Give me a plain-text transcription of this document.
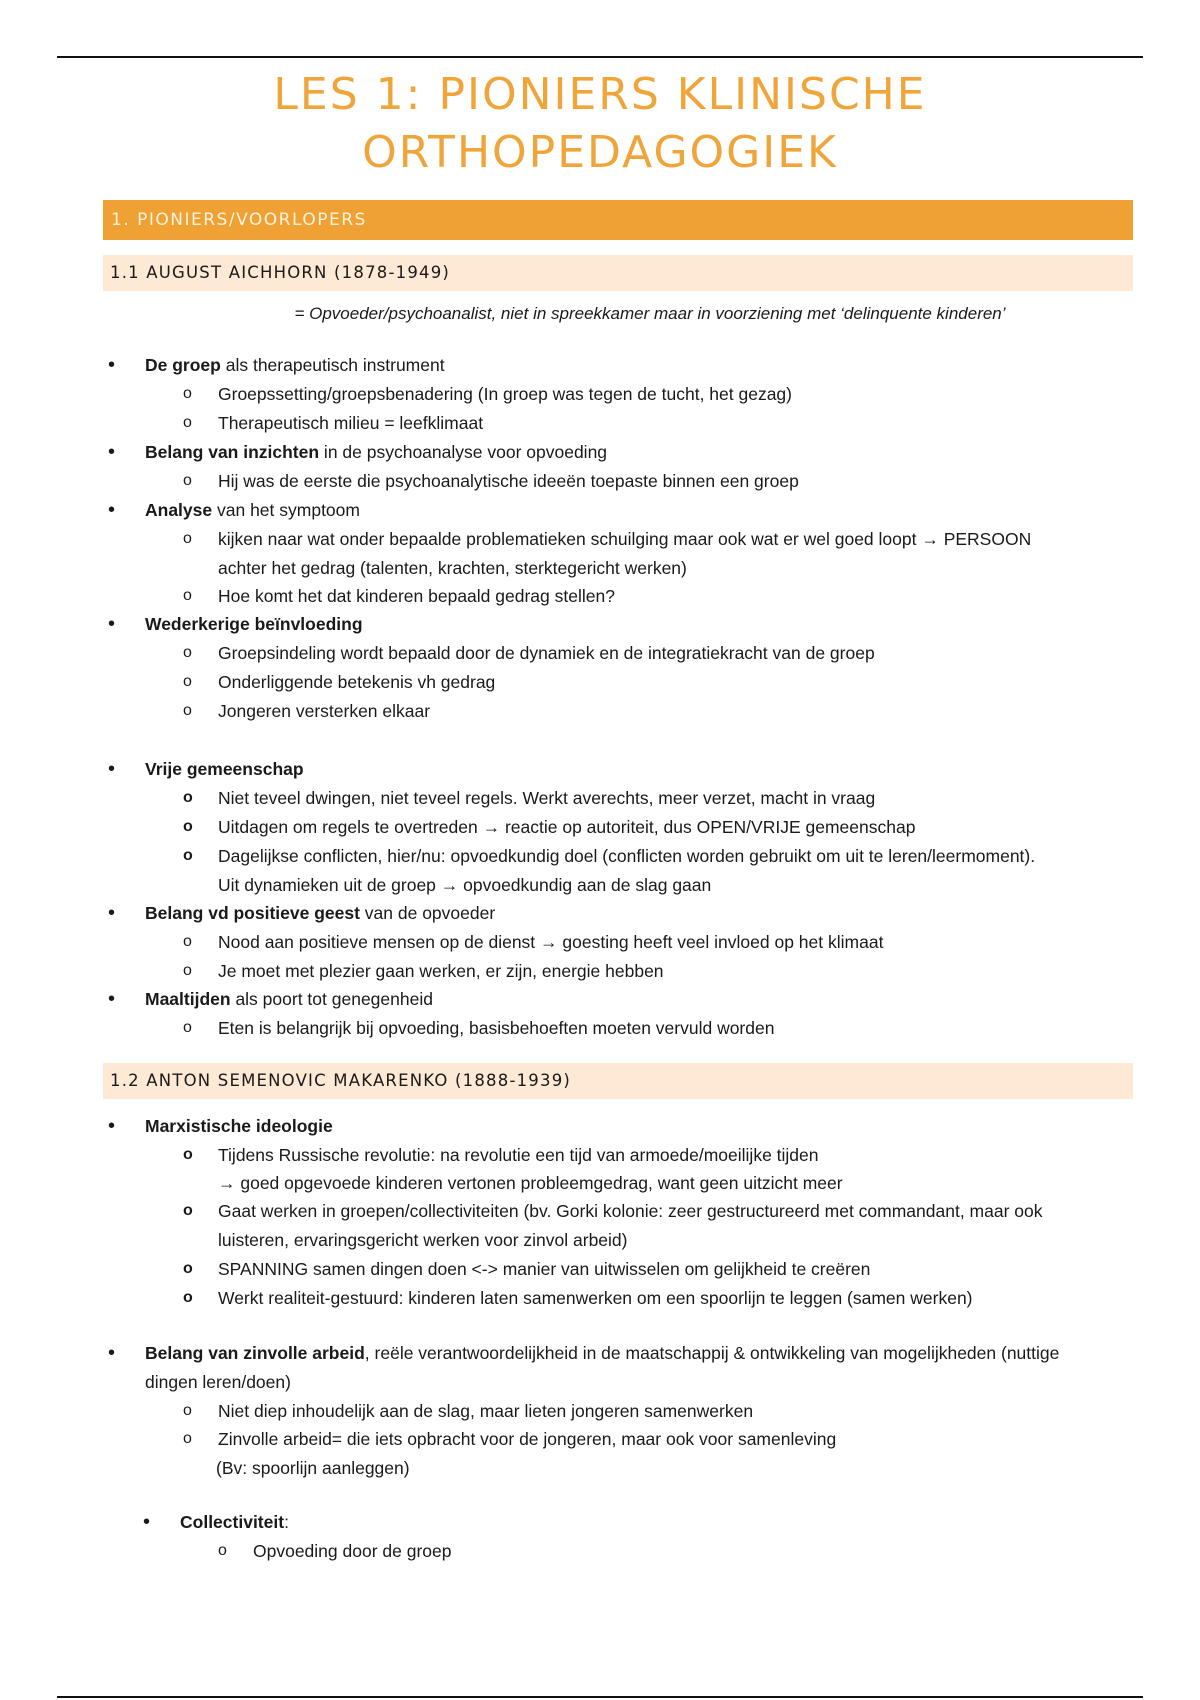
LES 1: PIONIERS KLINISCHE
ORTHOPEDAGOGIEK
1. PIONIERS/VOORLOPERS
1.1 AUGUST AICHHORN (1878-1949)
= Opvoeder/psychoanalist, niet in spreekkamer maar in voorziening met ‘delinquente kinderen’
• De groep als therapeutisch instrument
o Groepssetting/groepsbenadering (In groep was tegen de tucht, het gezag)
o Therapeutisch milieu = leefklimaat
• Belang van inzichten in de psychoanalyse voor opvoeding
o Hij was de eerste die psychoanalytische ideeën toepaste binnen een groep
• Analyse van het symptoom
o kijken naar wat onder bepaalde problematieken schuilging maar ook wat er wel goed loopt → PERSOON
achter het gedrag (talenten, krachten, sterktegericht werken)
o Hoe komt het dat kinderen bepaald gedrag stellen?
• Wederkerige beïnvloeding
o Groepsindeling wordt bepaald door de dynamiek en de integratiekracht van de groep
o Onderliggende betekenis vh gedrag
o Jongeren versterken elkaar
• Vrije gemeenschap
o Niet teveel dwingen, niet teveel regels. Werkt averechts, meer verzet, macht in vraag
o Uitdagen om regels te overtreden → reactie op autoriteit, dus OPEN/VRIJE gemeenschap
o Dagelijkse conflicten, hier/nu: opvoedkundig doel (conflicten worden gebruikt om uit te leren/leermoment).
Uit dynamieken uit de groep → opvoedkundig aan de slag gaan
• Belang vd positieve geest van de opvoeder
o Nood aan positieve mensen op de dienst → goesting heeft veel invloed op het klimaat
o Je moet met plezier gaan werken, er zijn, energie hebben
• Maaltijden als poort tot genegenheid
o Eten is belangrijk bij opvoeding, basisbehoeften moeten vervuld worden
1.2 ANTON SEMENOVIC MAKARENKO (1888-1939)
• Marxistische ideologie
o Tijdens Russische revolutie: na revolutie een tijd van armoede/moeilijke tijden
→ goed opgevoede kinderen vertonen probleemgedrag, want geen uitzicht meer
o Gaat werken in groepen/collectiviteiten (bv. Gorki kolonie: zeer gestructureerd met commandant, maar ook
luisteren, ervaringsgericht werken voor zinvol arbeid)
o SPANNING samen dingen doen <-> manier van uitwisselen om gelijkheid te creëren
o Werkt realiteit-gestuurd: kinderen laten samenwerken om een spoorlijn te leggen (samen werken)
• Belang van zinvolle arbeid, reële verantwoordelijkheid in de maatschappij & ontwikkeling van mogelijkheden (nuttige
dingen leren/doen)
o Niet diep inhoudelijk aan de slag, maar lieten jongeren samenwerken
o Zinvolle arbeid= die iets opbracht voor de jongeren, maar ook voor samenleving
(Bv: spoorlijn aanleggen)
• Collectiviteit:
o Opvoeding door de groep
